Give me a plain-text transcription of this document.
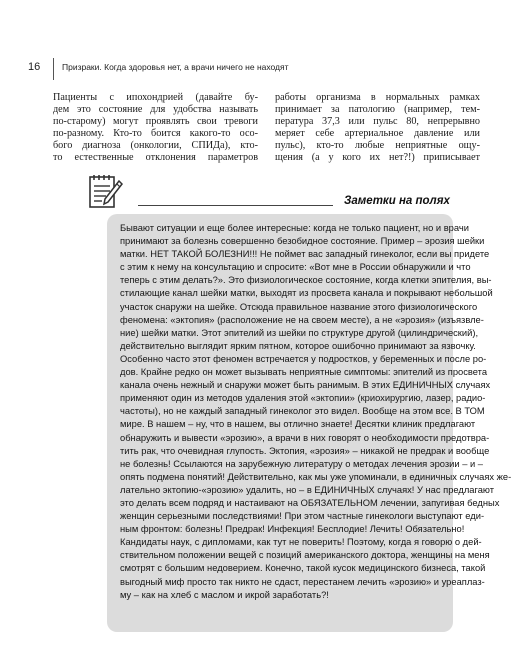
16	Призраки. Когда здоровья нет, а врачи ничего не находят

Пациенты с ипохондрией (давайте бу-
дем это состояние для удобства называть
по-старому) могут проявлять свои тревоги
по-разному. Кто-то боится какого-то осо-
бого диагноза (онкологии, СПИДа), кто-
то естественные отклонения параметров

работы организма в нормальных рамках
принимает за патологию (например, тем-
пература 37,3 или пульс 80, непрерывно
меряет себе артериальное давление или
пульс), кто-то любые неприятные ощу-
щения (а у кого их нет?!) приписывает

Заметки на полях

Бывают ситуации и еще более интересные: когда не только пациент, но и врачи
принимают за болезнь совершенно безобидное состояние. Пример – эрозия шейки
матки. НЕТ ТАКОЙ БОЛЕЗНИ!!! Не поймет вас западный гинеколог, если вы придете
с этим к нему на консультацию и спросите: «Вот мне в России обнаружили и что
теперь с этим делать?». Это физиологическое состояние, когда клетки эпителия, вы-
стилающие канал шейки матки, выходят из просвета канала и покрывают небольшой
участок снаружи на шейке. Отсюда правильное название этого физиологического
феномена: «эктопия» (расположение не на своем месте), а не «эрозия» (изъязвле-
ние) шейки матки. Этот эпителий из шейки по структуре другой (цилиндрический),
действительно выглядит ярким пятном, которое ошибочно принимают за язвочку.
Особенно часто этот феномен встречается у подростков, у беременных и после ро-
дов. Крайне редко он может вызывать неприятные симптомы: эпителий из просвета
канала очень нежный и снаружи может быть ранимым. В этих ЕДИНИЧНЫХ случаях
применяют один из методов удаления этой «эктопии» (криохирургию, лазер, радио-
частоты), но не каждый западный гинеколог это видел. Вообще на этом все. В ТОМ
мире. В нашем – ну, что в нашем, вы отлично знаете! Десятки клиник предлагают
обнаружить и вывести «эрозию», а врачи в них говорят о необходимости предотвра-
тить рак, что очевидная глупость. Эктопия, «эрозия» – никакой не предрак и вообще
не болезнь! Ссылаются на зарубежную литературу о методах лечения эрозии – и –
опять подмена понятий! Действительно, как мы уже упоминали, в единичных случаях же-
лательно эктопию-«эрозию» удалить, но – в ЕДИНИЧНЫХ случаях! У нас предлагают
это делать всем подряд и настаивают на ОБЯЗАТЕЛЬНОМ лечении, запугивая бедных
женщин серьезными последствиями! При этом частные гинекологи выступают еди-
ным фронтом: болезнь! Предрак! Инфекция! Бесплодие! Лечить! Обязательно!
Кандидаты наук, с дипломами, как тут не поверить! Поэтому, когда я говорю о дей-
ствительном положении вещей с позиций американского доктора, женщины на меня
смотрят с большим недоверием. Конечно, такой кусок медицинского бизнеса, такой
выгодный миф просто так никто не сдаст, перестанем лечить «эрозию» и уреаплаз-
му – как на хлеб с маслом и икрой заработать?!
